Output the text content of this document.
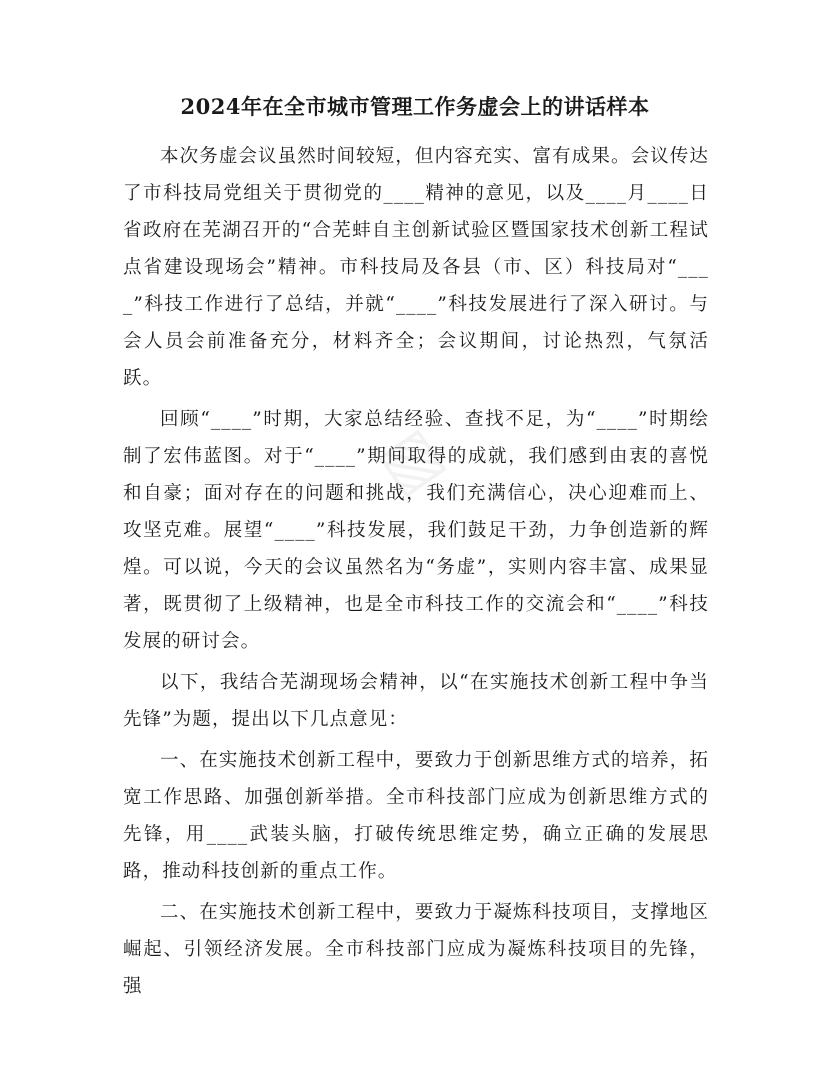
▧
2024年在全市城市管理工作务虚会上的讲话样本

本次务虚会议虽然时间较短，但内容充实、富有成果。会议传达了市科技局党组关于贯彻党的____精神的意见，以及____月____日省政府在芜湖召开的“合芜蚌自主创新试验区暨国家技术创新工程试点省建设现场会”精神。市科技局及各县（市、区）科技局对“____”科技工作进行了总结，并就“____”科技发展进行了深入研讨。与会人员会前准备充分，材料齐全；会议期间，讨论热烈，气氛活跃。

回顾“____”时期，大家总结经验、查找不足，为“____”时期绘制了宏伟蓝图。对于“____”期间取得的成就，我们感到由衷的喜悦和自豪；面对存在的问题和挑战，我们充满信心，决心迎难而上、攻坚克难。展望“____”科技发展，我们鼓足干劲，力争创造新的辉煌。可以说，今天的会议虽然名为“务虚”，实则内容丰富、成果显著，既贯彻了上级精神，也是全市科技工作的交流会和“____”科技发展的研讨会。

以下，我结合芜湖现场会精神，以“在实施技术创新工程中争当先锋”为题，提出以下几点意见：

一、在实施技术创新工程中，要致力于创新思维方式的培养，拓宽工作思路、加强创新举措。全市科技部门应成为创新思维方式的先锋，用____武装头脑，打破传统思维定势，确立正确的发展思路，推动科技创新的重点工作。

二、在实施技术创新工程中，要致力于凝炼科技项目，支撑地区崛起、引领经济发展。全市科技部门应成为凝炼科技项目的先锋，强
